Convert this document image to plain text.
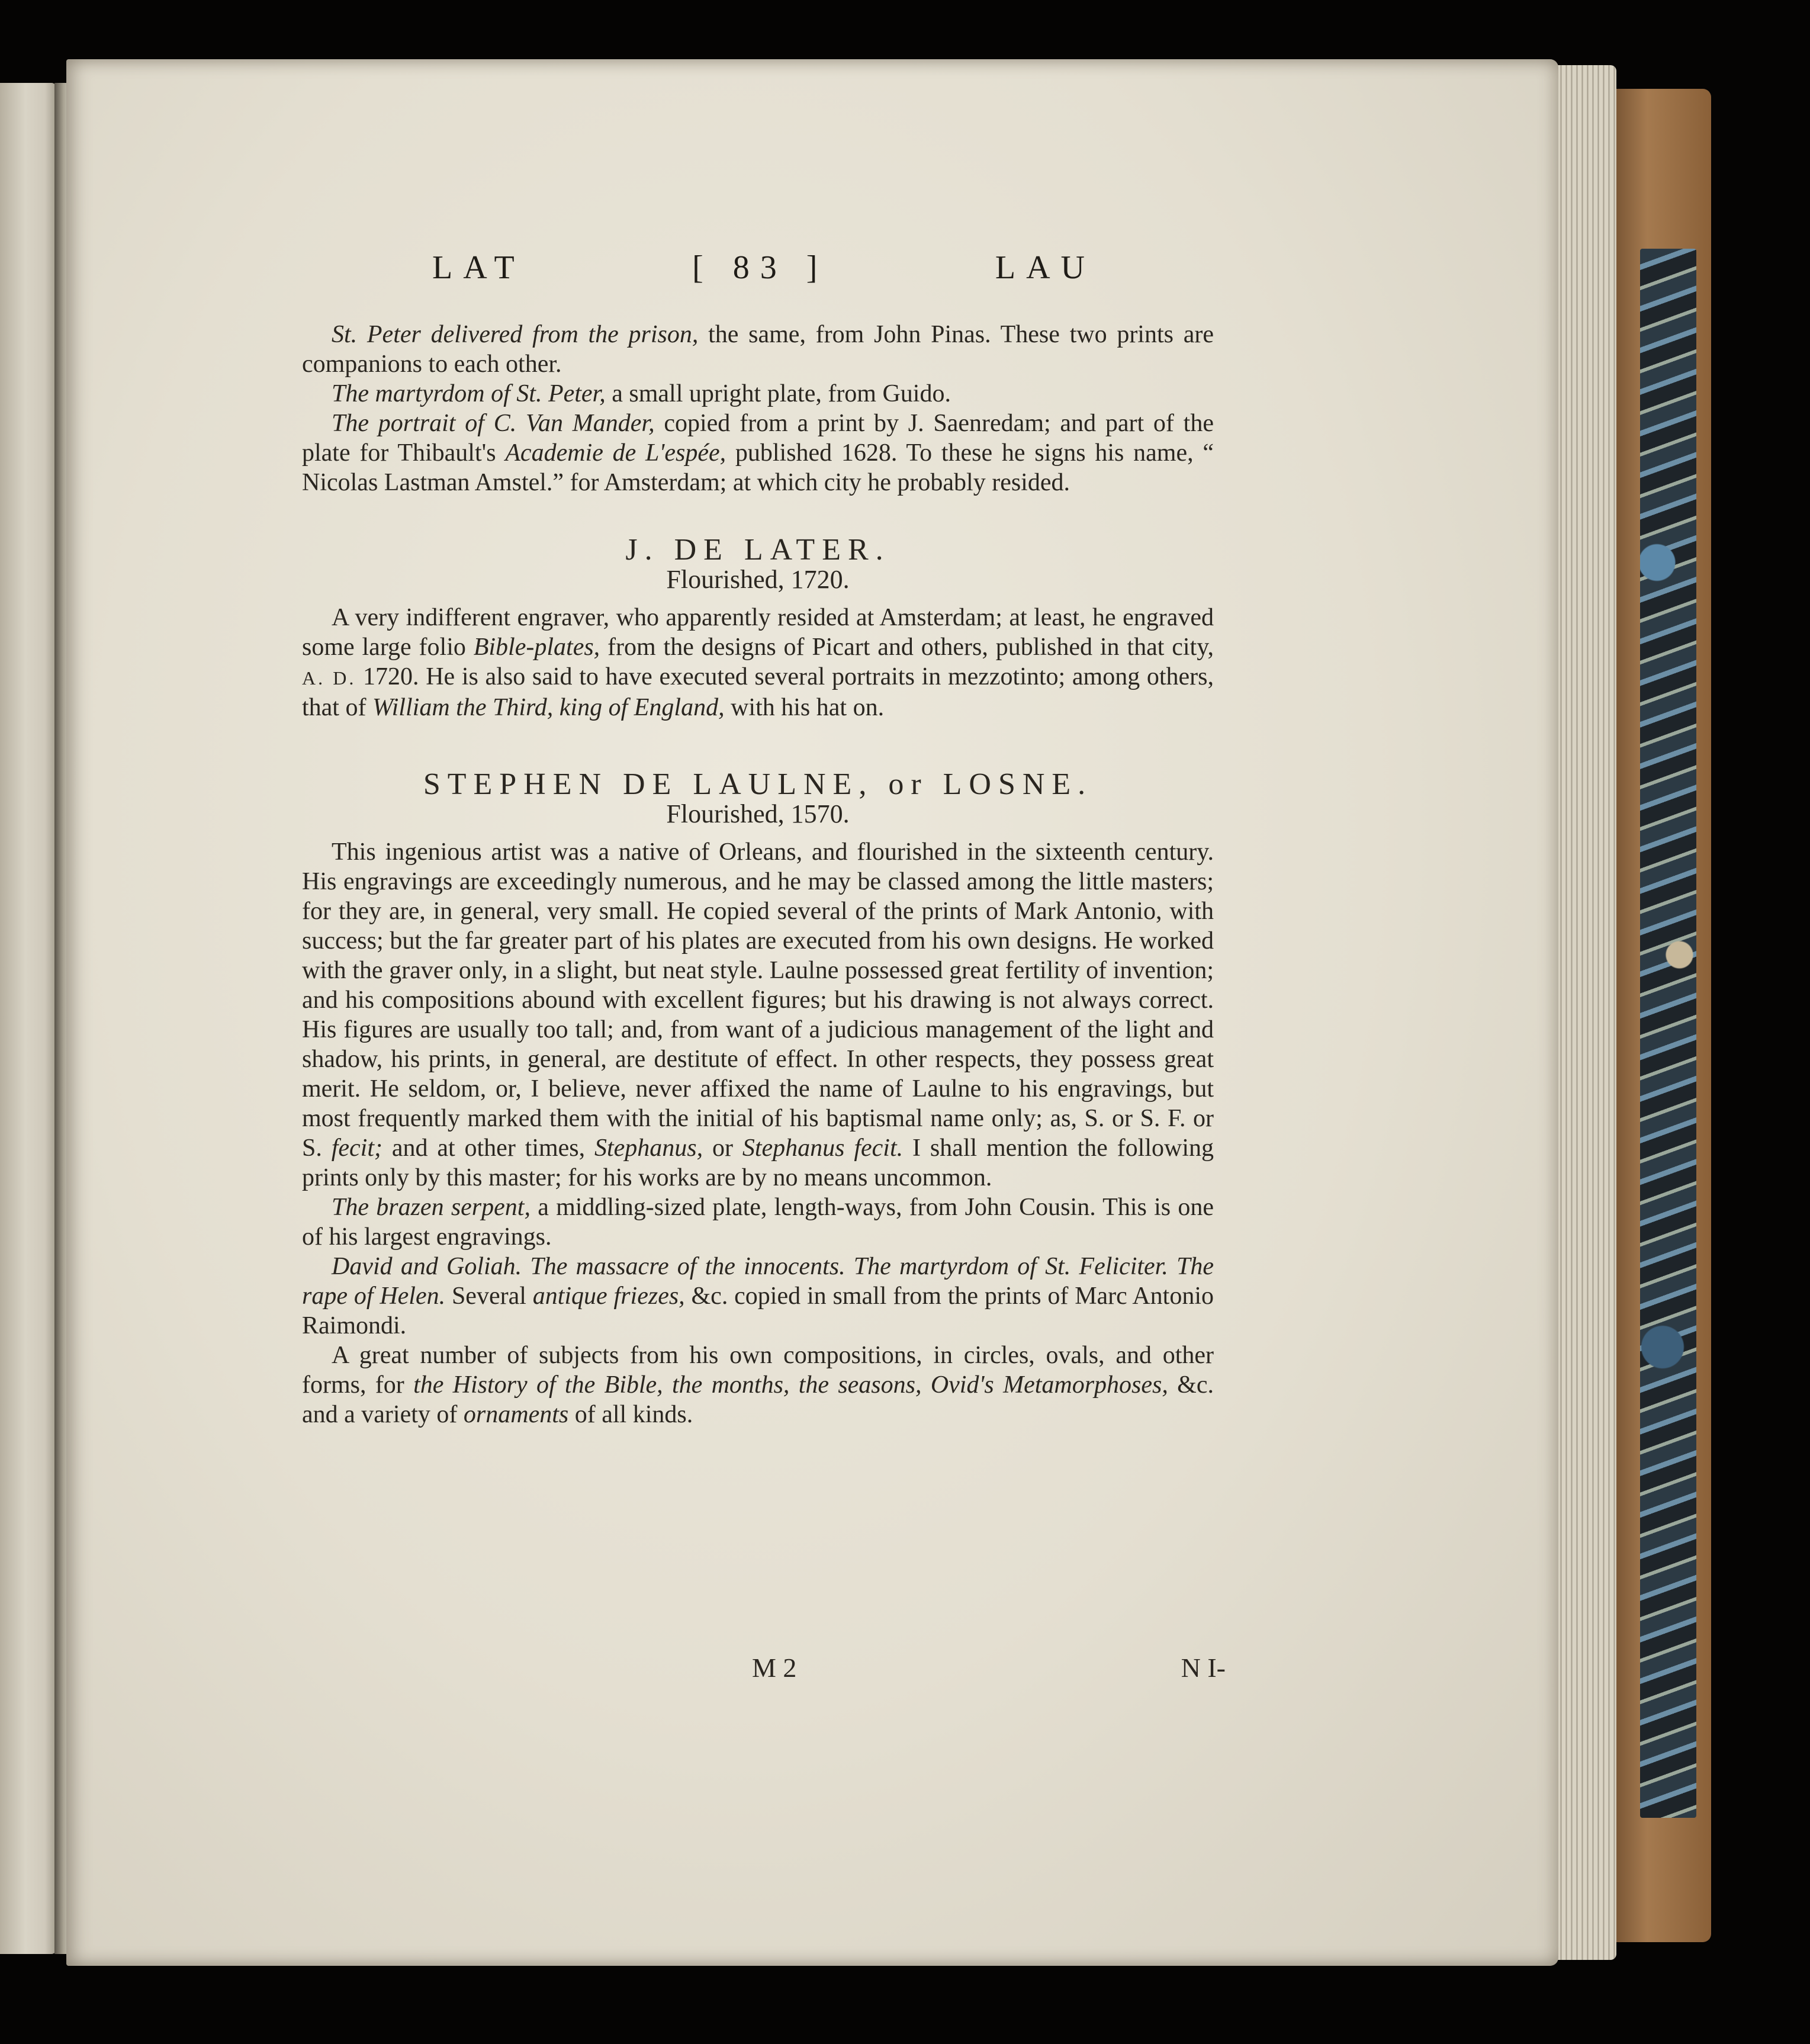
LAT	[ 83 ]	LAU

St. Peter delivered from the prison, the same, from John Pinas. These two prints are companions to each other.

The martyrdom of St. Peter, a small upright plate, from Guido.

The portrait of C. Van Mander, copied from a print by J. Saenredam; and part of the plate for Thibault's Academie de L'espée, published 1628. To these he signs his name, “ Nicolas Lastman Amstel.” for Amsterdam; at which city he probably resided.

J. DE LATER.

Flourished, 1720.

A very indifferent engraver, who apparently resided at Amsterdam; at least, he engraved some large folio Bible-plates, from the designs of Picart and others, published in that city, A. D. 1720. He is also said to have executed several portraits in mezzotinto; among others, that of William the Third, king of England, with his hat on.

STEPHEN DE LAULNE, or LOSNE.

Flourished, 1570.

This ingenious artist was a native of Orleans, and flourished in the sixteenth century. His engravings are exceedingly numerous, and he may be classed among the little masters; for they are, in general, very small. He copied several of the prints of Mark Antonio, with success; but the far greater part of his plates are executed from his own designs. He worked with the graver only, in a slight, but neat style. Laulne possessed great fertility of invention; and his compositions abound with excellent figures; but his drawing is not always correct. His figures are usually too tall; and, from want of a judicious management of the light and shadow, his prints, in general, are destitute of effect. In other respects, they possess great merit. He seldom, or, I believe, never affixed the name of Laulne to his engravings, but most frequently marked them with the initial of his baptismal name only; as, S. or S. F. or S. fecit; and at other times, Stephanus, or Stephanus fecit. I shall mention the following prints only by this master; for his works are by no means uncommon.

The brazen serpent, a middling-sized plate, length-ways, from John Cousin. This is one of his largest engravings.

David and Goliah. The massacre of the innocents. The martyrdom of St. Feliciter. The rape of Helen. Several antique friezes, &c. copied in small from the prints of Marc Antonio Raimondi.

A great number of subjects from his own compositions, in circles, ovals, and other forms, for the History of the Bible, the months, the seasons, Ovid's Metamorphoses, &c. and a variety of ornaments of all kinds.

M 2	N I-
